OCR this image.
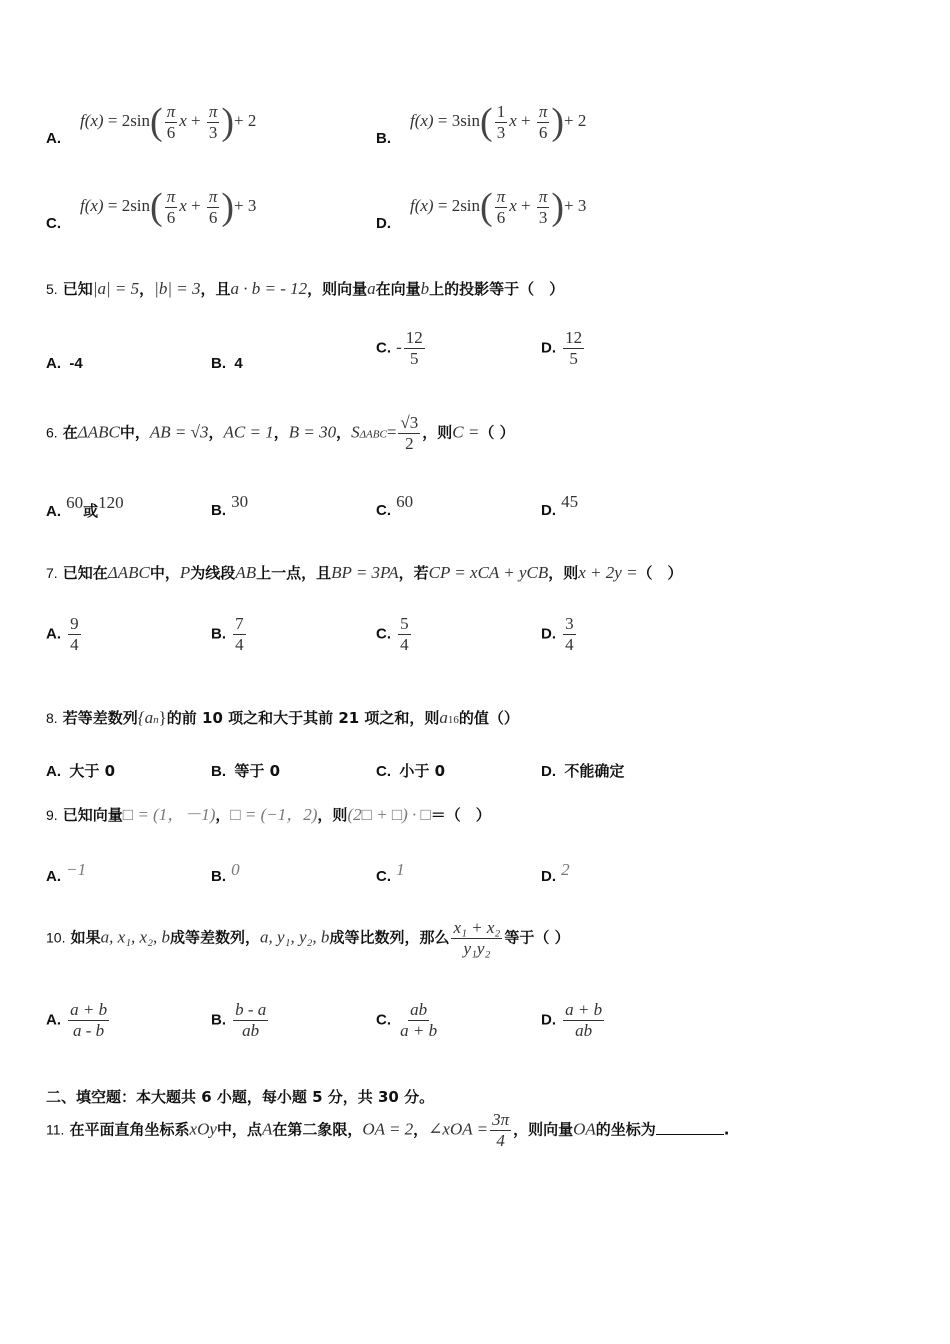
A.
$f(x) = 2\sin( \frac{\pi}{6}$ $x + \frac{\pi}{3}$ )+ 2
B.
$f(x) = 3\sin( \frac{1}{3}$ $x + \frac{\pi}{6}$ )+ 2
C.
$f(x) = 2\sin( \frac{\pi}{6}$ $x + \frac{\pi}{6}$ )+ 3
D.
$f(x) = 2\sin( \frac{\pi}{6}$ $x + \frac{\pi}{3}$ )+ 3
5. 已知|a| = 5，|b| = 3，且a · b = - 12，则向量a在向量b上的投影等于（　）
A. -4	B. 4
C. - $\frac{12}{5}$	D. $\frac{12}{5}$
6. 在ΔABC中，AB = √3，AC = 1，B = 30，$S\Delta ABC= \frac{√3}{2}$ ，则C =（ ）
A. 60或120	B. 30	C. 60	D. 45
7. 已知在ΔABC中，P为线段AB上一点，且BP = 3PA，若CP = xCA + yCB，则x + 2y =（　）
A. $\frac{9}{4}$	B. $\frac{7}{4}$	C. $\frac{5}{4}$	D. $\frac{3}{4}$
8. 若等差数列{an}的前 10 项之和大于其前 21 项之和，则a16的值（）
A. 大于 0	B. 等于 0	C. 小于 0	D. 不能确定
9. 已知向量□ = (1，－1)，□ = (−1，2)，则(2□ + □) · □＝（　）
A. −1	B. 0	C. 1	D. 2
10. 如果a, x₁, x₂, b成等差数列，a, y₁, y₂, b成等比数列，那么 $\frac{\text{x₁ + x₂}}{\text{y₁y₂}}$ 等于（ ）
A. $\frac{a + b}{a - b}$	B. $\frac{b - a}{ab}$	C. $\frac{ab}{a + b}$	D. $\frac{a + b}{ab}$
二、填空题：本大题共 6 小题，每小题 5 分，共 30 分。
11. 在平面直角坐标系xOy中，点A在第二象限，OA = 2，∠xOA = $\frac{3\pi}{4}$ ，则向量OA的坐标为	.
